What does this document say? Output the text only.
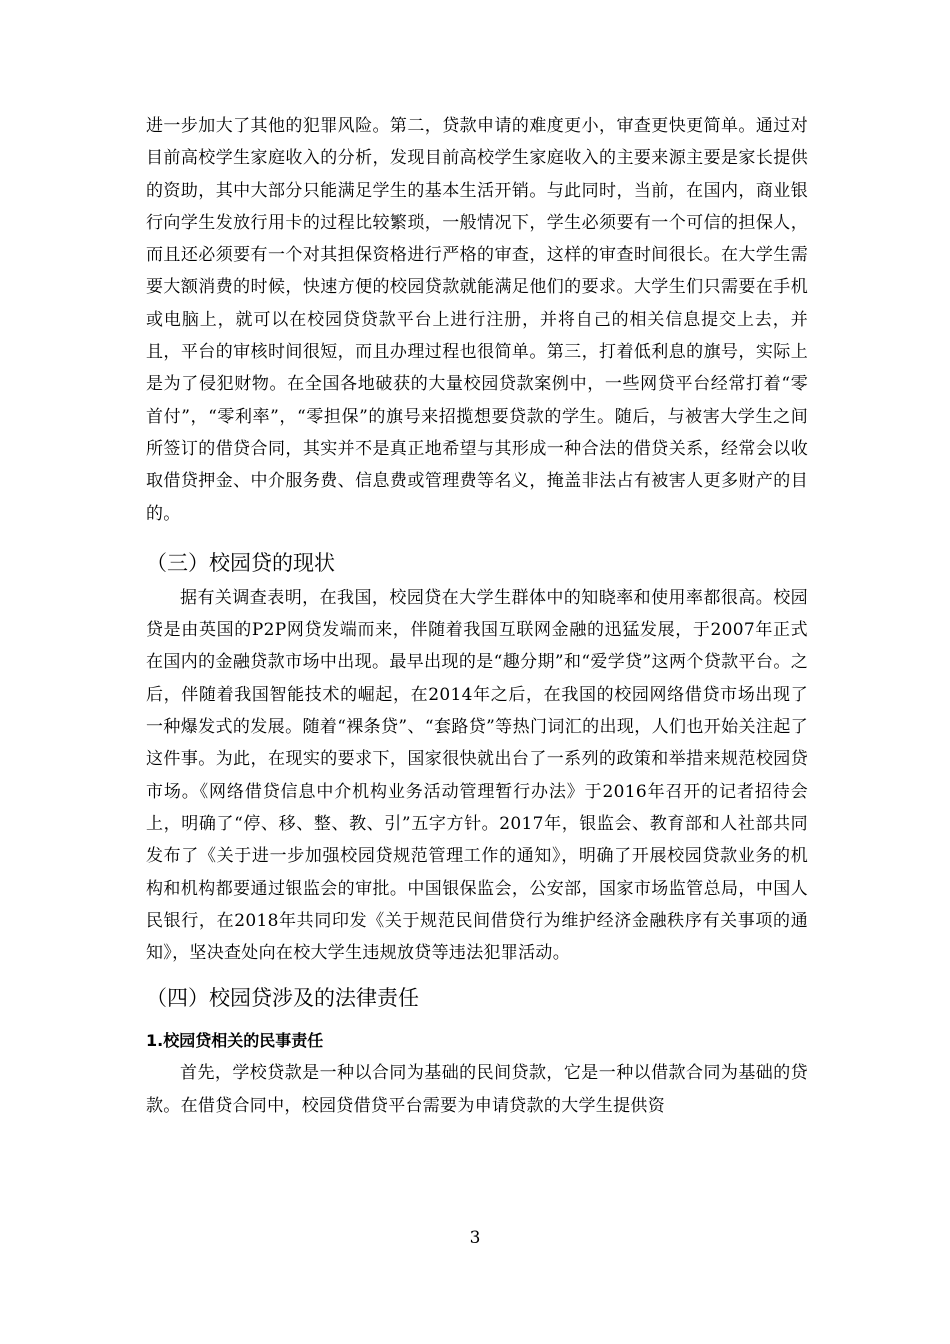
进一步加大了其他的犯罪风险。第二，贷款申请的难度更小，审查更快更简单。通过对目前高校学生家庭收入的分析，发现目前高校学生家庭收入的主要来源主要是家长提供的资助，其中大部分只能满足学生的基本生活开销。与此同时，当前，在国内，商业银行向学生发放行用卡的过程比较繁琐，一般情况下，学生必须要有一个可信的担保人，而且还必须要有一个对其担保资格进行严格的审查，这样的审查时间很长。在大学生需要大额消费的时候，快速方便的校园贷款就能满足他们的要求。大学生们只需要在手机或电脑上，就可以在校园贷贷款平台上进行注册，并将自己的相关信息提交上去，并且，平台的审核时间很短，而且办理过程也很简单。第三，打着低利息的旗号，实际上是为了侵犯财物。在全国各地破获的大量校园贷款案例中，一些网贷平台经常打着“零首付”，“零利率”，“零担保”的旗号来招揽想要贷款的学生。随后，与被害大学生之间所签订的借贷合同，其实并不是真正地希望与其形成一种合法的借贷关系，经常会以收取借贷押金、中介服务费、信息费或管理费等名义，掩盖非法占有被害人更多财产的目的。

（三）校园贷的现状

据有关调查表明，在我国，校园贷在大学生群体中的知晓率和使用率都很高。校园贷是由英国的P2P网贷发端而来，伴随着我国互联网金融的迅猛发展，于2007年正式在国内的金融贷款市场中出现。最早出现的是“趣分期”和“爱学贷”这两个贷款平台。之后，伴随着我国智能技术的崛起，在2014年之后，在我国的校园网络借贷市场出现了一种爆发式的发展。随着“裸条贷”、“套路贷”等热门词汇的出现，人们也开始关注起了这件事。为此，在现实的要求下，国家很快就出台了一系列的政策和举措来规范校园贷市场。《网络借贷信息中介机构业务活动管理暂行办法》于2016年召开的记者招待会上，明确了“停、移、整、教、引”五字方针。2017年，银监会、教育部和人社部共同发布了《关于进一步加强校园贷规范管理工作的通知》，明确了开展校园贷款业务的机构和机构都要通过银监会的审批。中国银保监会，公安部，国家市场监管总局，中国人民银行，在2018年共同印发《关于规范民间借贷行为维护经济金融秩序有关事项的通知》，坚决查处向在校大学生违规放贷等违法犯罪活动。

（四）校园贷涉及的法律责任
1.校园贷相关的民事责任

首先，学校贷款是一种以合同为基础的民间贷款，它是一种以借款合同为基础的贷款。在借贷合同中，校园贷借贷平台需要为申请贷款的大学生提供资

3
